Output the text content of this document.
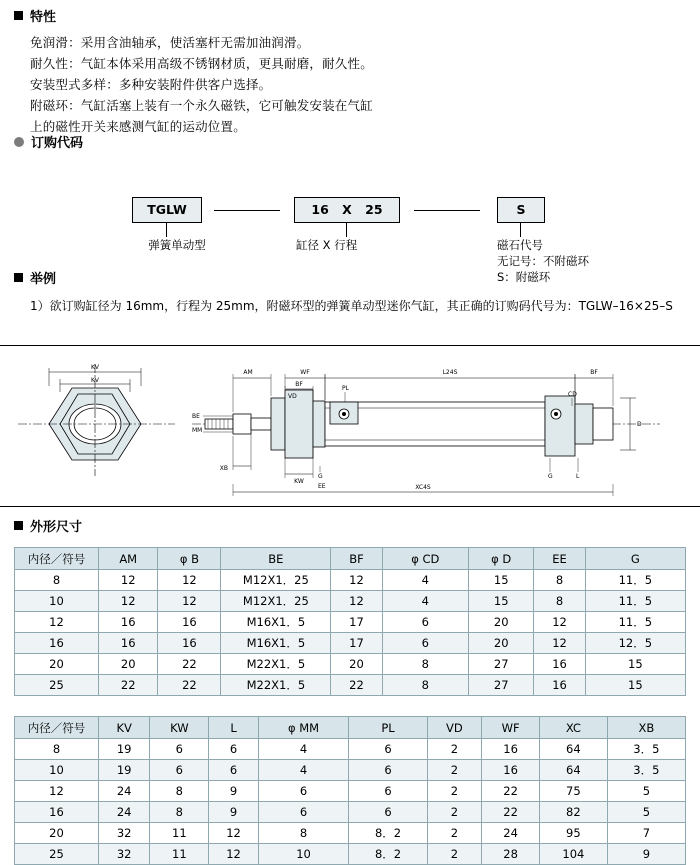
特性
免润滑：采用含油轴承，使活塞杆无需加油润滑。
耐久性：气缸本体采用高级不锈钢材质，更具耐磨，耐久性。
安装型式多样：多种安装附件供客户选择。
附磁环：气缸活塞上装有一个永久磁铁，它可触发安装在气缸
上的磁性开关来感测气缸的运动位置。
订购代码
TGLW	16 X 25	S
弹簧单动型	缸径 X 行程	磁石代号
无记号：不附磁环
S：附磁环
举例
1）欲订购缸径为 16mm，行程为 25mm，附磁环型的弹簧单动型迷你气缸，其正确的订购码代号为：TGLW–16×25–S
KV
KV
D
AM	WF	L24S	BF
BF
VD
PL
CD
BE
MM
XB
KW
G
EE
G	L
XC4S
外形尺寸
内径／符号	AM	φ B	BE	BF	φ CD	φ D	EE	G
8	12	12	M12X1．25	12	4	15	8	11．5
10	12	12	M12X1．25	12	4	15	8	11．5
12	16	16	M16X1．5	17	6	20	12	11．5
16	16	16	M16X1．5	17	6	20	12	12．5
20	20	22	M22X1．5	20	8	27	16	15
25	22	22	M22X1．5	22	8	27	16	15
内径／符号	KV	KW	L	φ MM	PL	VD	WF	XC	XB
8	19	6	6	4	6	2	16	64	3．5
10	19	6	6	4	6	2	16	64	3．5
12	24	8	9	6	6	2	22	75	5
16	24	8	9	6	6	2	22	82	5
20	32	11	12	8	8．2	2	24	95	7
25	32	11	12	10	8．2	2	28	104	9
